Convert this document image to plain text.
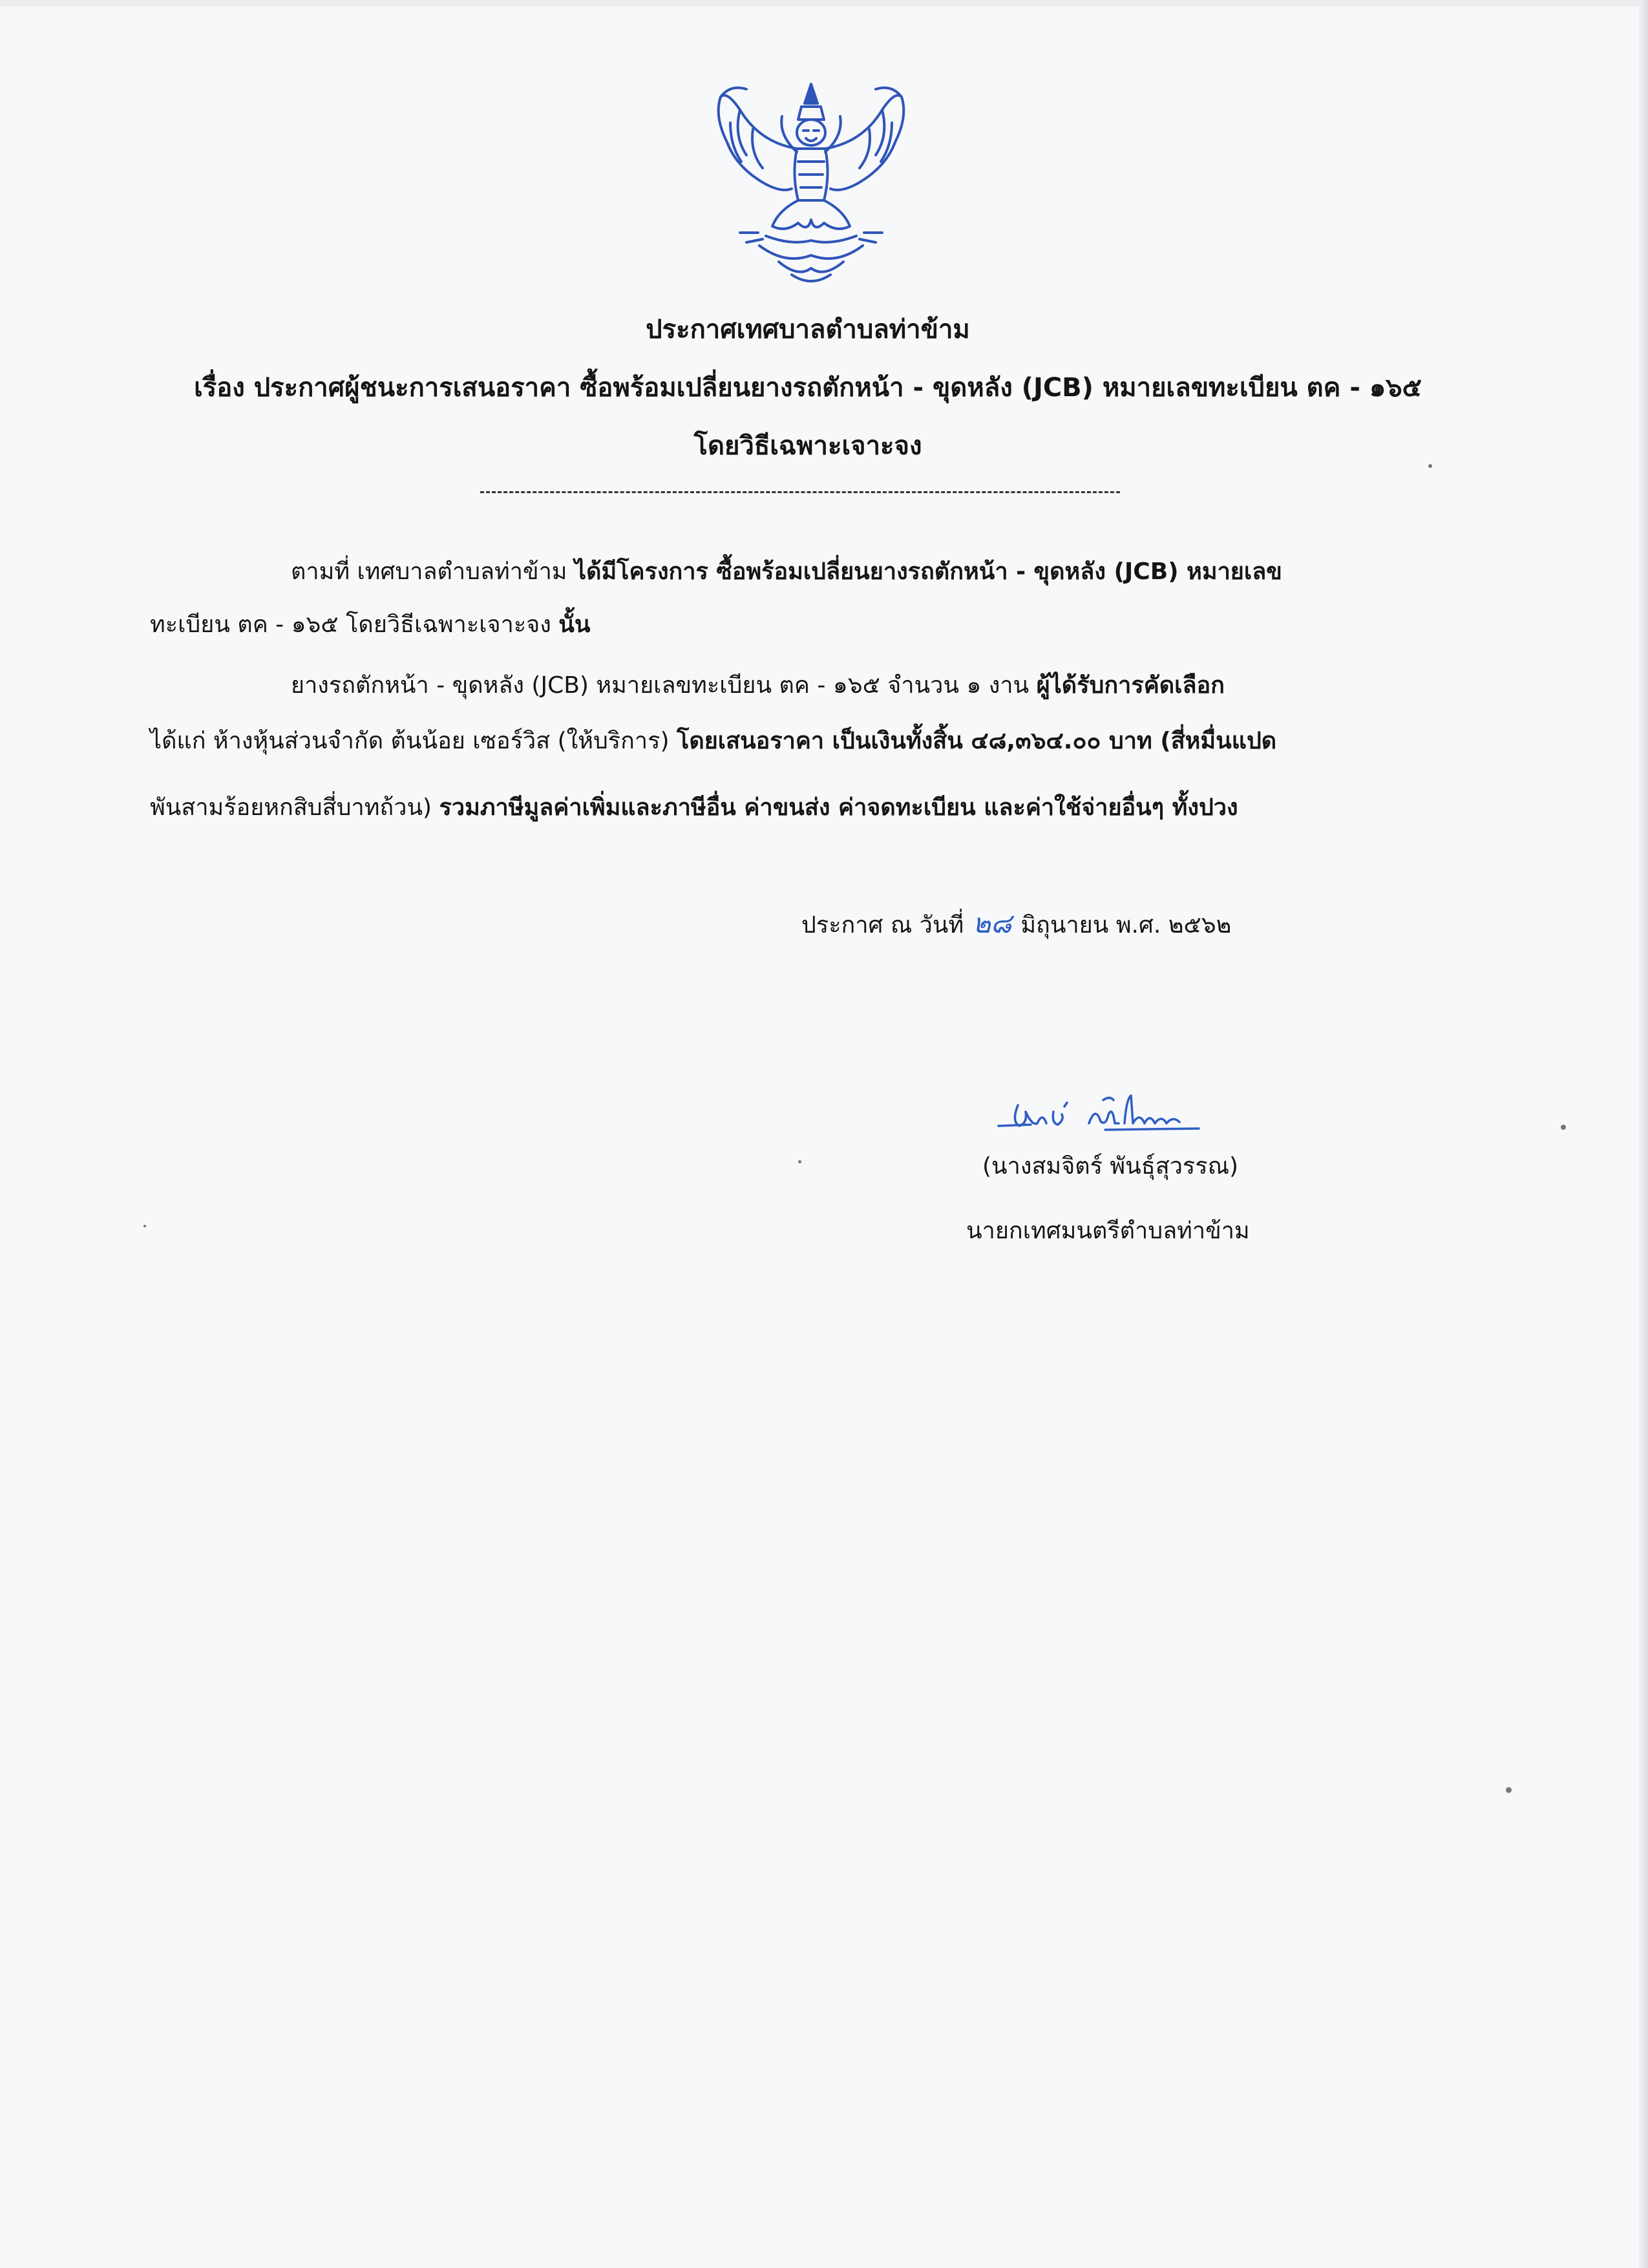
ประกาศเทศบาลตำบลท่าข้าม
เรื่อง ประกาศผู้ชนะการเสนอราคา ซื้อพร้อมเปลี่ยนยางรถตักหน้า - ขุดหลัง (JCB) หมายเลขทะเบียน ตค - ๑๖๕
โดยวิธีเฉพาะเจาะจง
ตามที่ เทศบาลตำบลท่าข้าม ได้มีโครงการ ซื้อพร้อมเปลี่ยนยางรถตักหน้า - ขุดหลัง (JCB) หมายเลข
ทะเบียน ตค - ๑๖๕ โดยวิธีเฉพาะเจาะจง นั้น
ยางรถตักหน้า - ขุดหลัง (JCB) หมายเลขทะเบียน ตค - ๑๖๕ จำนวน ๑ งาน ผู้ได้รับการคัดเลือก
ได้แก่ ห้างหุ้นส่วนจำกัด ต้นน้อย เซอร์วิส (ให้บริการ) โดยเสนอราคา เป็นเงินทั้งสิ้น ๔๘,๓๖๔.๐๐ บาท (สี่หมื่นแปด
พันสามร้อยหกสิบสี่บาทถ้วน) รวมภาษีมูลค่าเพิ่มและภาษีอื่น ค่าขนส่ง ค่าจดทะเบียน และค่าใช้จ่ายอื่นๆ ทั้งปวง
ประกาศ ณ วันที่ ๒๘ มิถุนายน พ.ศ. ๒๕๖๒
(นางสมจิตร์ พันธุ์สุวรรณ)
นายกเทศมนตรีตำบลท่าข้าม
